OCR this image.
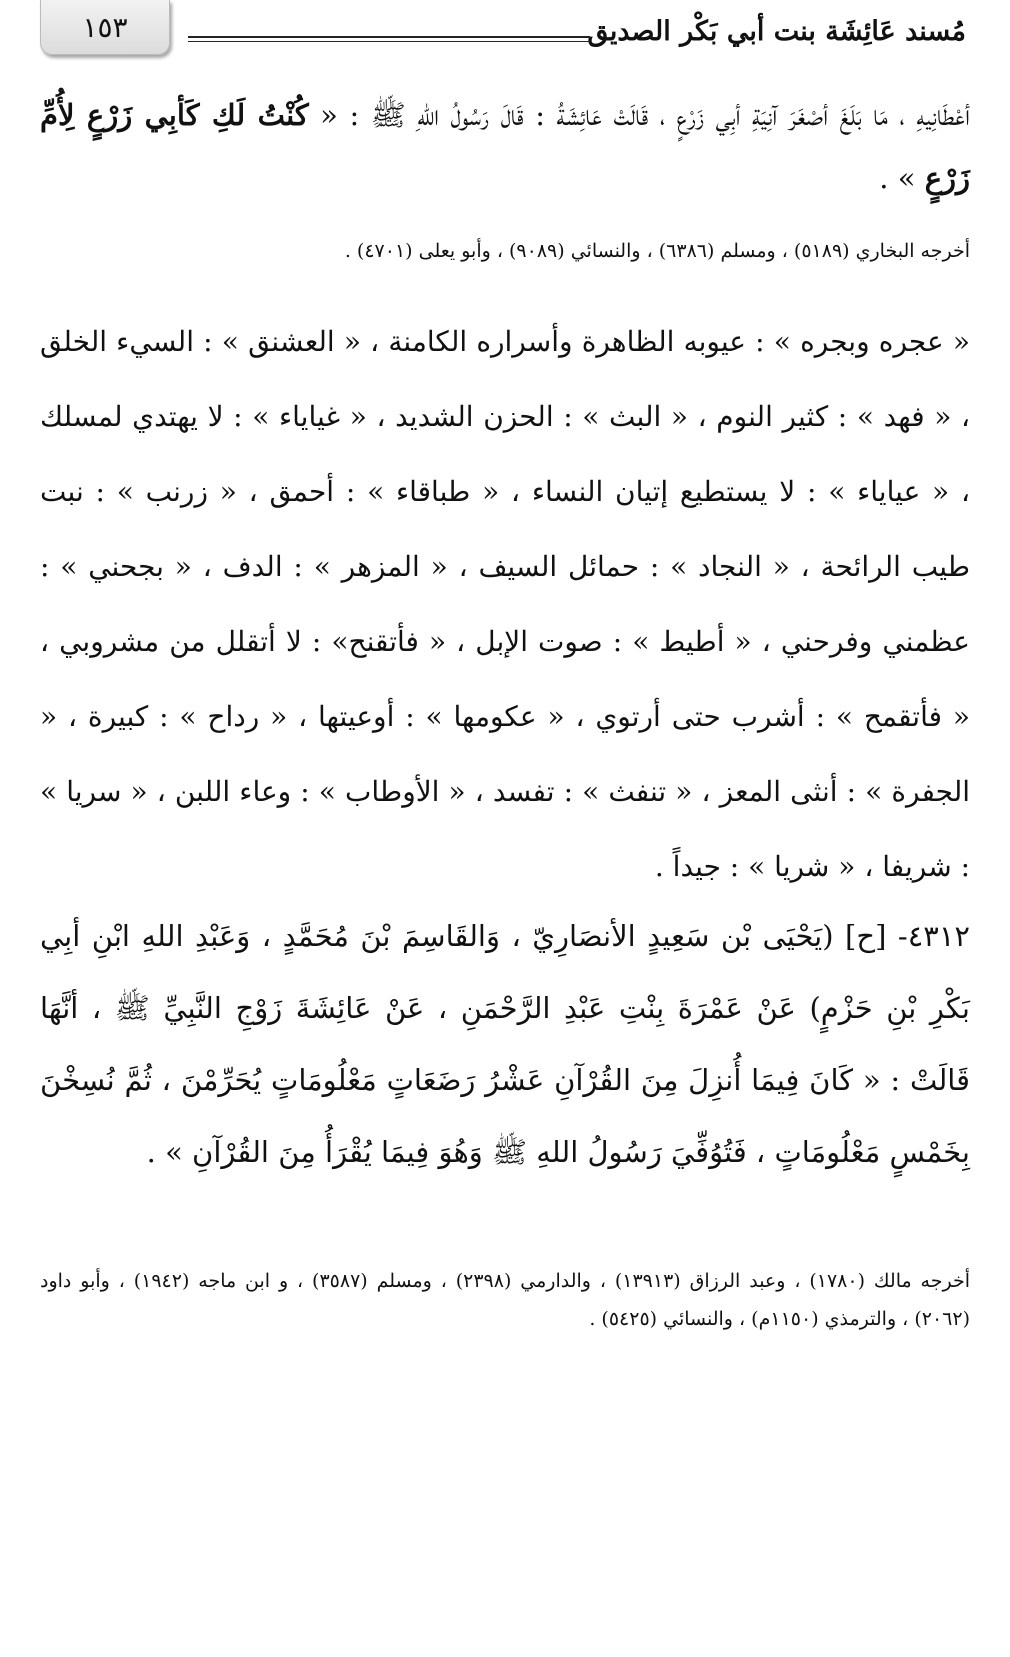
مُسند عَائِشَة بنت أبي بَكْر الصديق
١٥٣

أعْطَانِيهِ ، مَا بَلَغَ أصْغَرَ آنِيَةِ أبِي زَرْعٍ ، قَالَتْ عَائِشَةُ : قَالَ رَسُولُ اللهِ ﷺ : « كُنْتُ لَكِ كَأبِي زَرْعٍ لِأُمِّ زَرْعٍ » .

أخرجه البخاري (٥١٨٩) ، ومسلم (٦٣٨٦) ، والنسائي (٩٠٨٩) ، وأبو يعلى (٤٧٠١) .

« عجره وبجره » : عيوبه الظاهرة وأسراره الكامنة ، « العشنق » : السيء الخلق ، « فهد » : كثير النوم ، « البث » : الحزن الشديد ، « غياياء » : لا يهتدي لمسلك ، « عياياء » : لا يستطيع إتيان النساء ، « طباقاء » : أحمق ، « زرنب » : نبت طيب الرائحة ، « النجاد » : حمائل السيف ، « المزهر » : الدف ، « بجحني » : عظمني وفرحني ، « أطيط » : صوت الإبل ، « فأتقنح» : لا أتقلل من مشروبي ، « فأتقمح » : أشرب حتى أرتوي ، « عكومها » : أوعيتها ، « رداح » : كبيرة ، « الجفرة » : أنثى المعز ، « تنفث » : تفسد ، « الأوطاب » : وعاء اللبن ، « سريا » : شريفا ، « شريا » : جيداً .

٤٣١٢- [ح] (يَحْيَى بْن سَعِيدٍ الأنصَارِيّ ، وَالقَاسِمَ بْنَ مُحَمَّدٍ ، وَعَبْدِ اللهِ ابْنِ أبِي بَكْرِ بْنِ حَزْمٍ) عَنْ عَمْرَةَ بِنْتِ عَبْدِ الرَّحْمَنِ ، عَنْ عَائِشَةَ زَوْجِ النَّبِيِّ ﷺ ، أنَّهَا قَالَتْ : « كَانَ فِيمَا أُنزِلَ مِنَ القُرْآنِ عَشْرُ رَضَعَاتٍ مَعْلُومَاتٍ يُحَرِّمْنَ ، ثُمَّ نُسِخْنَ بِخَمْسٍ مَعْلُومَاتٍ ، فَتُوُفِّيَ رَسُولُ اللهِ ﷺ وَهُوَ فِيمَا يُقْرَأُ مِنَ القُرْآنِ » .

أخرجه مالك (١٧٨٠) ، وعبد الرزاق (١٣٩١٣) ، والدارمي (٢٣٩٨) ، ومسلم (٣٥٨٧) ، و ابن ماجه (١٩٤٢) ، وأبو داود (٢٠٦٢) ، والترمذي (١١٥٠م) ، والنسائي (٥٤٢٥) .
